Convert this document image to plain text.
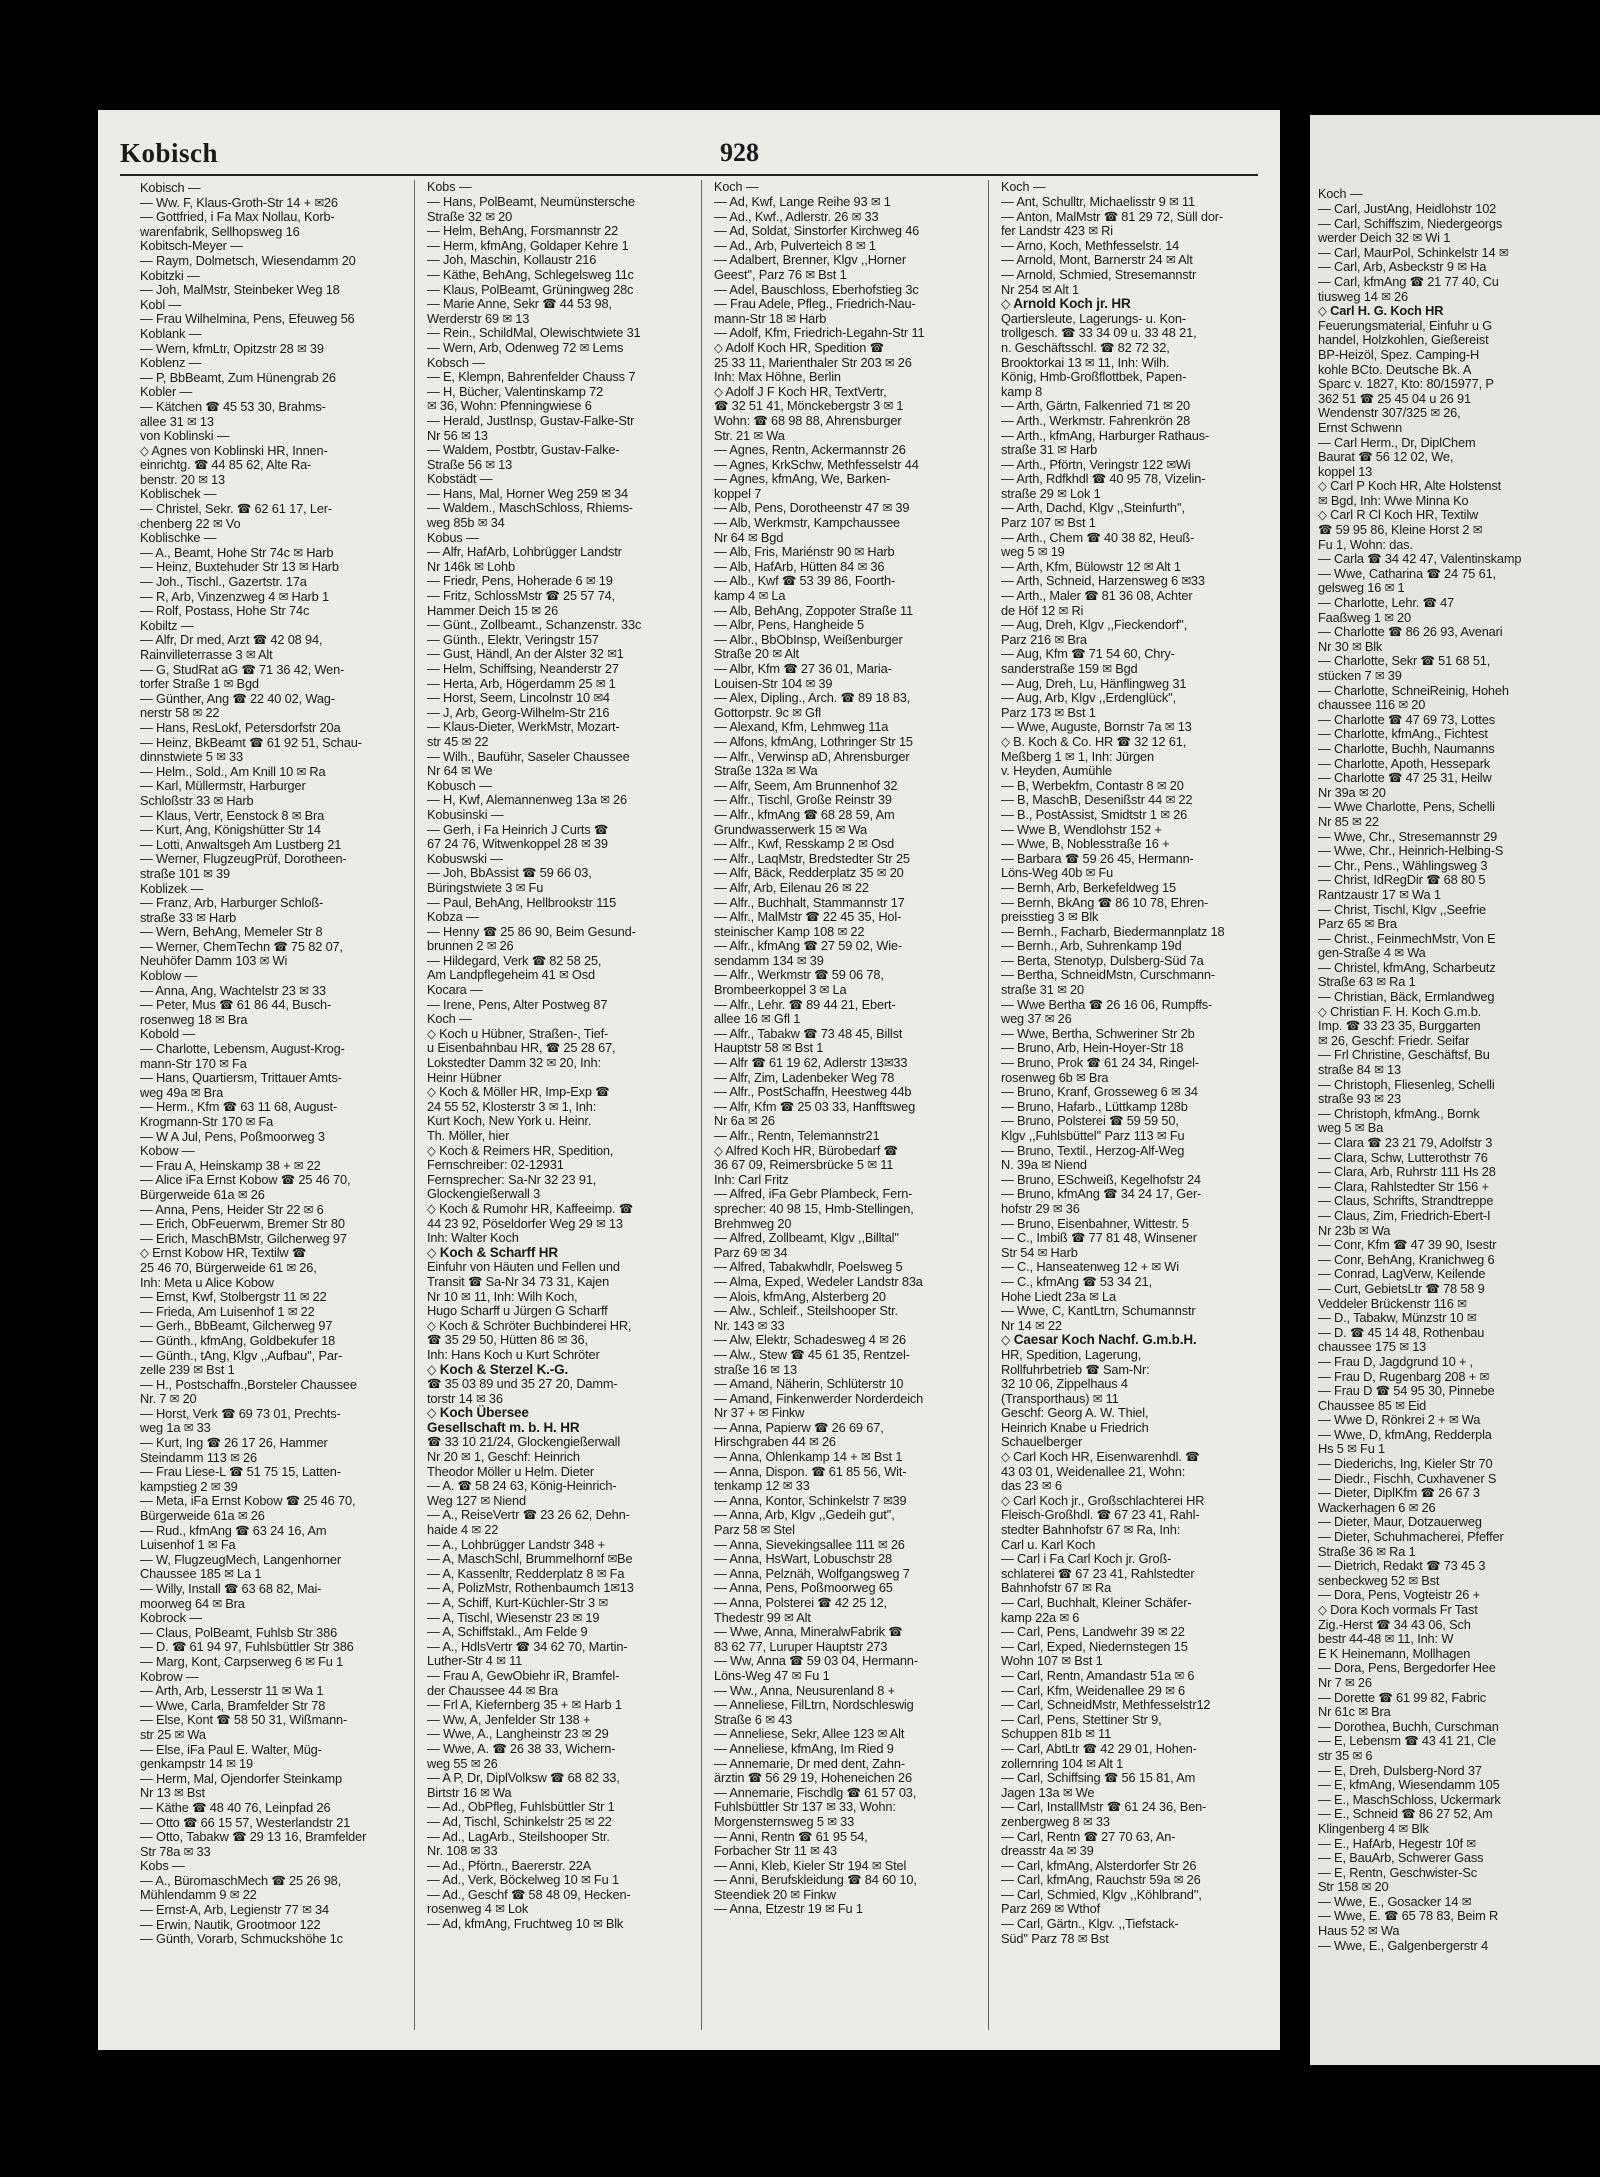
Kobisch	928

Kobisch —

— Ww. F, Klaus-Groth-Str 14 + ✉26

— Gottfried, i Fa Max Nollau, Korb-

warenfabrik, Sellhopsweg 16

Kobitsch-Meyer —

— Raym, Dolmetsch, Wiesendamm 20

Kobitzki —

— Joh, MalMstr, Steinbeker Weg 18

Kobl —

— Frau Wilhelmina, Pens, Efeuweg 56

Koblank —

— Wern, kfmLtr, Opitzstr 28 ✉ 39

Koblenz —

— P, BbBeamt, Zum Hünengrab 26

Kobler —

— Kätchen ☎ 45 53 30, Brahms-

allee 31 ✉ 13

von Koblinski —

◇ Agnes von Koblinski HR, Innen-

einrichtg. ☎ 44 85 62, Alte Ra-

benstr. 20 ✉ 13

Koblischek —

— Christel, Sekr. ☎ 62 61 17, Ler-

chenberg 22 ✉ Vo

Koblischke —

— A., Beamt, Hohe Str 74c ✉ Harb

— Heinz, Buxtehuder Str 13 ✉ Harb

— Joh., Tischl., Gazertstr. 17a

— R, Arb, Vinzenzweg 4 ✉ Harb 1

— Rolf, Postass, Hohe Str 74c

Kobiltz —

— Alfr, Dr med, Arzt ☎ 42 08 94,

Rainvilleterrasse 3 ✉ Alt

— G, StudRat aG ☎ 71 36 42, Wen-

torfer Straße 1 ✉ Bgd

— Günther, Ang ☎ 22 40 02, Wag-

nerstr 58 ✉ 22

— Hans, ResLokf, Petersdorfstr 20a

— Heinz, BkBeamt ☎ 61 92 51, Schau-

dinnstwiete 5 ✉ 33

— Helm., Sold., Am Knill 10 ✉ Ra

— Karl, Müllermstr, Harburger

Schloßstr 33 ✉ Harb

— Klaus, Vertr, Eenstock 8 ✉ Bra

— Kurt, Ang, Königshütter Str 14

— Lotti, Anwaltsgeh Am Lustberg 21

— Werner, FlugzeugPrüf, Dorotheen-

straße 101 ✉ 39

Koblizek —

— Franz, Arb, Harburger Schloß-

straße 33 ✉ Harb

— Wern, BehAng, Memeler Str 8

— Werner, ChemTechn ☎ 75 82 07,

Neuhöfer Damm 103 ✉ Wi

Koblow —

— Anna, Ang, Wachtelstr 23 ✉ 33

— Peter, Mus ☎ 61 86 44, Busch-

rosenweg 18 ✉ Bra

Kobold —

— Charlotte, Lebensm, August-Krog-

mann-Str 170 ✉ Fa

— Hans, Quartiersm, Trittauer Amts-

weg 49a ✉ Bra

— Herm., Kfm ☎ 63 11 68, August-

Krogmann-Str 170 ✉ Fa

— W A Jul, Pens, Poßmoorweg 3

Kobow —

— Frau A, Heinskamp 38 + ✉ 22

— Alice iFa Ernst Kobow ☎ 25 46 70,

Bürgerweide 61a ✉ 26

— Anna, Pens, Heider Str 22 ✉ 6

— Erich, ObFeuerwm, Bremer Str 80

— Erich, MaschBMstr, Gilcherweg 97

◇ Ernst Kobow HR, Textilw ☎

25 46 70, Bürgerweide 61 ✉ 26,

Inh: Meta u Alice Kobow

— Ernst, Kwf, Stolbergstr 11 ✉ 22

— Frieda, Am Luisenhof 1 ✉ 22

— Gerh., BbBeamt, Gilcherweg 97

— Günth., kfmAng, Goldbekufer 18

— Günth., tAng, Klgv ,,Aufbau'', Par-

zelle 239 ✉ Bst 1

— H., Postschaffn.,Borsteler Chaussee

Nr. 7 ✉ 20

— Horst, Verk ☎ 69 73 01, Prechts-

weg 1a ✉ 33

— Kurt, Ing ☎ 26 17 26, Hammer

Steindamm 113 ✉ 26

— Frau Liese-L ☎ 51 75 15, Latten-

kampstieg 2 ✉ 39

— Meta, iFa Ernst Kobow ☎ 25 46 70,

Bürgerweide 61a ✉ 26

— Rud., kfmAng ☎ 63 24 16, Am

Luisenhof 1 ✉ Fa

— W, FlugzeugMech, Langenhorner

Chaussee 185 ✉ La 1

— Willy, Install ☎ 63 68 82, Mai-

moorweg 64 ✉ Bra

Kobrock —

— Claus, PolBeamt, Fuhlsb Str 386

— D. ☎ 61 94 97, Fuhlsbüttler Str 386

— Marg, Kont, Carpserweg 6 ✉ Fu 1

Kobrow —

— Arth, Arb, Lesserstr 11 ✉ Wa 1

— Wwe, Carla, Bramfelder Str 78

— Else, Kont ☎ 58 50 31, Wißmann-

str 25 ✉ Wa

— Else, iFa Paul E. Walter, Müg-

genkampstr 14 ✉ 19

— Herm, Mal, Ojendorfer Steinkamp

Nr 13 ✉ Bst

— Käthe ☎ 48 40 76, Leinpfad 26

— Otto ☎ 66 15 57, Westerlandstr 21

— Otto, Tabakw ☎ 29 13 16, Bramfelder

Str 78a ✉ 33

Kobs —

— A., BüromaschMech ☎ 25 26 98,

Mühlendamm 9 ✉ 22

— Ernst-A, Arb, Legienstr 77 ✉ 34

— Erwin, Nautik, Grootmoor 122

— Günth, Vorarb, Schmuckshöhe 1c

Kobs —

— Hans, PolBeamt, Neumünstersche

Straße 32 ✉ 20

— Helm, BehAng, Forsmannstr 22

— Herm, kfmAng, Goldaper Kehre 1

— Joh, Maschin, Kollaustr 216

— Käthe, BehAng, Schlegelsweg 11c

— Klaus, PolBeamt, Grüningweg 28c

— Marie Anne, Sekr ☎ 44 53 98,

Werderstr 69 ✉ 13

— Rein., SchildMal, Olewischtwiete 31

— Wern, Arb, Odenweg 72 ✉ Lems

Kobsch —

— E, Klempn, Bahrenfelder Chauss 7

— H, Bücher, Valentinskamp 72

✉ 36, Wohn: Pfenningwiese 6

— Herald, JustInsp, Gustav-Falke-Str

Nr 56 ✉ 13

— Waldem, Postbtr, Gustav-Falke-

Straße 56 ✉ 13

Kobstädt —

— Hans, Mal, Horner Weg 259 ✉ 34

— Waldem., MaschSchloss, Rhiems-

weg 85b ✉ 34

Kobus —

— Alfr, HafArb, Lohbrügger Landstr

Nr 146k ✉ Lohb

— Friedr, Pens, Hoherade 6 ✉ 19

— Fritz, SchlossMstr ☎ 25 57 74,

Hammer Deich 15 ✉ 26

— Günt., Zollbeamt., Schanzenstr. 33c

— Günth., Elektr, Veringstr 157

— Gust, Händl, An der Alster 32 ✉1

— Helm, Schiffsing, Neanderstr 27

— Herta, Arb, Högerdamm 25 ✉ 1

— Horst, Seem, Lincolnstr 10 ✉4

— J, Arb, Georg-Wilhelm-Str 216

— Klaus-Dieter, WerkMstr, Mozart-

str 45 ✉ 22

— Wilh., Bauführ, Saseler Chaussee

Nr 64 ✉ We

Kobusch —

— H, Kwf, Alemannenweg 13a ✉ 26

Kobusinski —

— Gerh, i Fa Heinrich J Curts ☎

67 24 76, Witwenkoppel 28 ✉ 39

Kobuswski —

— Joh, BbAssist ☎ 59 66 03,

Büringstwiete 3 ✉ Fu

— Paul, BehAng, Hellbrookstr 115

Kobza —

— Henny ☎ 25 86 90, Beim Gesund-

brunnen 2 ✉ 26

— Hildegard, Verk ☎ 82 58 25,

Am Landpflegeheim 41 ✉ Osd

Kocara —

— Irene, Pens, Alter Postweg 87

Koch —

◇ Koch u Hübner, Straßen-, Tief-

u Eisenbahnbau HR, ☎ 25 28 67,

Lokstedter Damm 32 ✉ 20, Inh:

Heinr Hübner

◇ Koch & Möller HR, Imp-Exp ☎

24 55 52, Klosterstr 3 ✉ 1, Inh:

Kurt Koch, New York u. Heinr.

Th. Möller, hier

◇ Koch & Reimers HR, Spedition,

Fernschreiber: 02-12931

Fernsprecher: Sa-Nr 32 23 91,

Glockengießerwall 3

◇ Koch & Rumohr HR, Kaffeeimp. ☎

44 23 92, Pöseldorfer Weg 29 ✉ 13

Inh: Walter Koch

◇ Koch & Scharff HR

Einfuhr von Häuten und Fellen und

Transit ☎ Sa-Nr 34 73 31, Kajen

Nr 10 ✉ 11, Inh: Wilh Koch,

Hugo Scharff u Jürgen G Scharff

◇ Koch & Schröter Buchbinderei HR,

☎ 35 29 50, Hütten 86 ✉ 36,

Inh: Hans Koch u Kurt Schröter

◇ Koch & Sterzel K.-G.

☎ 35 03 89 und 35 27 20, Damm-

torstr 14 ✉ 36

◇ Koch Übersee

Gesellschaft m. b. H. HR

☎ 33 10 21/24, Glockengießerwall

Nr 20 ✉ 1, Geschf: Heinrich

Theodor Möller u Helm. Dieter

— A. ☎ 58 24 63, König-Heinrich-

Weg 127 ✉ Niend

— A., ReiseVertr ☎ 23 26 62, Dehn-

haide 4 ✉ 22

— A., Lohbrügger Landstr 348 +

— A, MaschSchl, Brummelhornf ✉Be

— A, Kassenltr, Redderplatz 8 ✉ Fa

— A, PolizMstr, Rothenbaumch 1✉13

— A, Schiff, Kurt-Küchler-Str 3 ✉

— A, Tischl, Wiesenstr 23 ✉ 19

— A, Schiffstakl., Am Felde 9

— A., HdlsVertr ☎ 34 62 70, Martin-

Luther-Str 4 ✉ 11

— Frau A, GewObiehr iR, Bramfel-

der Chaussee 44 ✉ Bra

— Frl A, Kiefernberg 35 + ✉ Harb 1

— Ww, A, Jenfelder Str 138 +

— Wwe, A., Langheinstr 23 ✉ 29

— Wwe, A. ☎ 26 38 33, Wichern-

weg 55 ✉ 26

— A P, Dr, DiplVolksw ☎ 68 82 33,

Birtstr 16 ✉ Wa

— Ad., ObPfleg, Fuhlsbüttler Str 1

— Ad, Tischl, Schinkelstr 25 ✉ 22

— Ad., LagArb., Steilshooper Str.

Nr. 108 ✉ 33

— Ad., Pförtn., Baererstr. 22A

— Ad., Verk, Böckelweg 10 ✉ Fu 1

— Ad., Geschf ☎ 58 48 09, Hecken-

rosenweg 4 ✉ Lok

— Ad, kfmAng, Fruchtweg 10 ✉ Blk

Koch —

— Ad, Kwf, Lange Reihe 93 ✉ 1

— Ad., Kwf., Adlerstr. 26 ✉ 33

— Ad, Soldat, Sinstorfer Kirchweg 46

— Ad., Arb, Pulverteich 8 ✉ 1

— Adalbert, Brenner, Klgv ,,Horner

Geest'', Parz 76 ✉ Bst 1

— Adel, Bauschloss, Eberhofstieg 3c

— Frau Adele, Pfleg., Friedrich-Nau-

mann-Str 18 ✉ Harb

— Adolf, Kfm, Friedrich-Legahn-Str 11

◇ Adolf Koch HR, Spedition ☎

25 33 11, Marienthaler Str 203 ✉ 26

Inh: Max Höhne, Berlin

◇ Adolf J F Koch HR, TextVertr,

☎ 32 51 41, Mönckebergstr 3 ✉ 1

Wohn: ☎ 68 98 88, Ahrensburger

Str. 21 ✉ Wa

— Agnes, Rentn, Ackermannstr 26

— Agnes, KrkSchw, Methfesselstr 44

— Agnes, kfmAng, We, Barken-

koppel 7

— Alb, Pens, Dorotheenstr 47 ✉ 39

— Alb, Werkmstr, Kampchaussee

Nr 64 ✉ Bgd

— Alb, Fris, Mariénstr 90 ✉ Harb

— Alb, HafArb, Hütten 84 ✉ 36

— Alb., Kwf ☎ 53 39 86, Foorth-

kamp 4 ✉ La

— Alb, BehAng, Zoppoter Straße 11

— Albr, Pens, Hangheide 5

— Albr., BbObInsp, Weißenburger

Straße 20 ✉ Alt

— Albr, Kfm ☎ 27 36 01, Maria-

Louisen-Str 104 ✉ 39

— Alex, Dipling., Arch. ☎ 89 18 83,

Gottorpstr. 9c ✉ Gfl

— Alexand, Kfm, Lehmweg 11a

— Alfons, kfmAng, Lothringer Str 15

— Alfr., Verwinsp aD, Ahrensburger

Straße 132a ✉ Wa

— Alfr, Seem, Am Brunnenhof 32

— Alfr., Tischl, Große Reinstr 39

— Alfr., kfmAng ☎ 68 28 59, Am

Grundwasserwerk 15 ✉ Wa

— Alfr., Kwf, Resskamp 2 ✉ Osd

— Alfr., LaqMstr, Bredstedter Str 25

— Alfr, Bäck, Redderplatz 35 ✉ 20

— Alfr, Arb, Eilenau 26 ✉ 22

— Alfr., Buchhalt, Stammannstr 17

— Alfr., MalMstr ☎ 22 45 35, Hol-

steinischer Kamp 108 ✉ 22

— Alfr., kfmAng ☎ 27 59 02, Wie-

sendamm 134 ✉ 39

— Alfr., Werkmstr ☎ 59 06 78,

Brombeerkoppel 3 ✉ La

— Alfr., Lehr. ☎ 89 44 21, Ebert-

allee 16 ✉ Gfl 1

— Alfr., Tabakw ☎ 73 48 45, Billst

Hauptstr 58 ✉ Bst 1

— Alfr ☎ 61 19 62, Adlerstr 13✉33

— Alfr, Zim, Ladenbeker Weg 78

— Alfr., PostSchaffn, Heestweg 44b

— Alfr, Kfm ☎ 25 03 33, Hanfftsweg

Nr 6a ✉ 26

— Alfr., Rentn, Telemannstr21

◇ Alfred Koch HR, Bürobedarf ☎

36 67 09, Reimersbrücke 5 ✉ 11

Inh: Carl Fritz

— Alfred, iFa Gebr Plambeck, Fern-

sprecher: 40 98 15, Hmb-Stellingen,

Brehmweg 20

— Alfred, Zollbeamt, Klgv ,,Billtal''

Parz 69 ✉ 34

— Alfred, Tabakwhdlr, Poelsweg 5

— Alma, Exped, Wedeler Landstr 83a

— Alois, kfmAng, Alsterberg 20

— Alw., Schleif., Steilshooper Str.

Nr. 143 ✉ 33

— Alw, Elektr, Schadesweg 4 ✉ 26

— Alw., Stew ☎ 45 61 35, Rentzel-

straße 16 ✉ 13

— Amand, Näherin, Schlüterstr 10

— Amand, Finkenwerder Norderdeich

Nr 37 + ✉ Finkw

— Anna, Papierw ☎ 26 69 67,

Hirschgraben 44 ✉ 26

— Anna, Ohlenkamp 14 + ✉ Bst 1

— Anna, Dispon. ☎ 61 85 56, Wit-

tenkamp 12 ✉ 33

— Anna, Kontor, Schinkelstr 7 ✉39

— Anna, Arb, Klgv ,,Gedeih gut'',

Parz 58 ✉ Stel

— Anna, Sievekingsallee 111 ✉ 26

— Anna, HsWart, Lobuschstr 28

— Anna, Pelznäh, Wolfgangsweg 7

— Anna, Pens, Poßmoorweg 65

— Anna, Polsterei ☎ 42 25 12,

Thedestr 99 ✉ Alt

— Wwe, Anna, MineralwFabrik ☎

83 62 77, Luruper Hauptstr 273

— Ww, Anna ☎ 59 03 04, Hermann-

Löns-Weg 47 ✉ Fu 1

— Ww., Anna, Neusurenland 8 +

— Anneliese, FilLtrn, Nordschleswig

Straße 6 ✉ 43

— Anneliese, Sekr, Allee 123 ✉ Alt

— Anneliese, kfmAng, Im Ried 9

— Annemarie, Dr med dent, Zahn-

ärztin ☎ 56 29 19, Hoheneichen 26

— Annemarie, Fischdlg ☎ 61 57 03,

Fuhlsbüttler Str 137 ✉ 33, Wohn:

Morgensternsweg 5 ✉ 33

— Anni, Rentn ☎ 61 95 54,

Forbacher Str 11 ✉ 43

— Anni, Kleb, Kieler Str 194 ✉ Stel

— Anni, Berufskleidung ☎ 84 60 10,

Steendiek 20 ✉ Finkw

— Anna, Etzestr 19 ✉ Fu 1

Koch —

— Ant, Schulltr, Michaelisstr 9 ✉ 11

— Anton, MalMstr ☎ 81 29 72, Süll dor-

fer Landstr 423 ✉ Ri

— Arno, Koch, Methfesselstr. 14

— Arnold, Mont, Barnerstr 24 ✉ Alt

— Arnold, Schmied, Stresemannstr

Nr 254 ✉ Alt 1

◇ Arnold Koch jr. HR

Qartiersleute, Lagerungs- u. Kon-

trollgesch. ☎ 33 34 09 u. 33 48 21,

n. Geschäftsschl. ☎ 82 72 32,

Brooktorkai 13 ✉ 11, Inh: Wilh.

König, Hmb-Großflottbek, Papen-

kamp 8

— Arth, Gärtn, Falkenried 71 ✉ 20

— Arth., Werkmstr. Fahrenkrön 28

— Arth., kfmAng, Harburger Rathaus-

straße 31 ✉ Harb

— Arth., Pförtn, Veringstr 122 ✉Wi

— Arth, Rdfkhdl ☎ 40 95 78, Vizelin-

straße 29 ✉ Lok 1

— Arth, Dachd, Klgv ,,Steinfurth'',

Parz 107 ✉ Bst 1

— Arth., Chem ☎ 40 38 82, Heuß-

weg 5 ✉ 19

— Arth, Kfm, Bülowstr 12 ✉ Alt 1

— Arth, Schneid, Harzensweg 6 ✉33

— Arth., Maler ☎ 81 36 08, Achter

de Höf 12 ✉ Ri

— Aug, Dreh, Klgv ,,Fieckendorf'',

Parz 216 ✉ Bra

— Aug, Kfm ☎ 71 54 60, Chry-

sanderstraße 159 ✉ Bgd

— Aug, Dreh, Lu, Hänflingweg 31

— Aug, Arb, Klgv ,,Erdenglück'',

Parz 173 ✉ Bst 1

— Wwe, Auguste, Bornstr 7a ✉ 13

◇ B. Koch & Co. HR ☎ 32 12 61,

Meßberg 1 ✉ 1, Inh: Jürgen

v. Heyden, Aumühle

— B, Werbekfm, Contastr 8 ✉ 20

— B, MaschB, Desenißstr 44 ✉ 22

— B., PostAssist, Smidtstr 1 ✉ 26

— Wwe B, Wendlohstr 152 +

— Wwe, B, Noblesstraße 16 +

— Barbara ☎ 59 26 45, Hermann-

Löns-Weg 40b ✉ Fu

— Bernh, Arb, Berkefeldweg 15

— Bernh, BkAng ☎ 86 10 78, Ehren-

preisstieg 3 ✉ Blk

— Bernh., Facharb, Biedermannplatz 18

— Bernh., Arb, Suhrenkamp 19d

— Berta, Stenotyp, Dulsberg-Süd 7a

— Bertha, SchneidMstn, Curschmann-

straße 31 ✉ 20

— Wwe Bertha ☎ 26 16 06, Rumpffs-

weg 37 ✉ 26

— Wwe, Bertha, Schweriner Str 2b

— Bruno, Arb, Hein-Hoyer-Str 18

— Bruno, Prok ☎ 61 24 34, Ringel-

rosenweg 6b ✉ Bra

— Bruno, Kranf, Grosseweg 6 ✉ 34

— Bruno, Hafarb., Lüttkamp 128b

— Bruno, Polsterei ☎ 59 59 50,

Klgv ,,Fuhlsbüttel'' Parz 113 ✉ Fu

— Bruno, Textil., Herzog-Alf-Weg

N. 39a ✉ Niend

— Bruno, ESchweiß, Kegelhofstr 24

— Bruno, kfmAng ☎ 34 24 17, Ger-

hofstr 29 ✉ 36

— Bruno, Eisenbahner, Wittestr. 5

— C., Imbiß ☎ 77 81 48, Winsener

Str 54 ✉ Harb

— C., Hanseatenweg 12 + ✉ Wi

— C., kfmAng ☎ 53 34 21,

Hohe Liedt 23a ✉ La

— Wwe, C, KantLtrn, Schumannstr

Nr 14 ✉ 22

◇ Caesar Koch Nachf. G.m.b.H.

HR, Spedition, Lagerung,

Rollfuhrbetrieb ☎ Sam-Nr:

32 10 06, Zippelhaus 4

(Transporthaus) ✉ 11

Geschf: Georg A. W. Thiel,

Heinrich Knabe u Friedrich

Schauelberger

◇ Carl Koch HR, Eisenwarenhdl. ☎

43 03 01, Weidenallee 21, Wohn:

das 23 ✉ 6

◇ Carl Koch jr., Großschlachterei HR

Fleisch-Großhdl. ☎ 67 23 41, Rahl-

stedter Bahnhofstr 67 ✉ Ra, Inh:

Carl u. Karl Koch

— Carl i Fa Carl Koch jr. Groß-

schlaterei ☎ 67 23 41, Rahlstedter

Bahnhofstr 67 ✉ Ra

— Carl, Buchhalt, Kleiner Schäfer-

kamp 22a ✉ 6

— Carl, Pens, Landwehr 39 ✉ 22

— Carl, Exped, Niedernstegen 15

Wohn 107 ✉ Bst 1

— Carl, Rentn, Amandastr 51a ✉ 6

— Carl, Kfm, Weidenallee 29 ✉ 6

— Carl, SchneidMstr, Methfesselstr12

— Carl, Pens, Stettiner Str 9,

Schuppen 81b ✉ 11

— Carl, AbtLtr ☎ 42 29 01, Hohen-

zollernring 104 ✉ Alt 1

— Carl, Schiffsing ☎ 56 15 81, Am

Jagen 13a ✉ We

— Carl, InstallMstr ☎ 61 24 36, Ben-

zenbergweg 8 ✉ 33

— Carl, Rentn ☎ 27 70 63, An-

dreasstr 4a ✉ 39

— Carl, kfmAng, Alsterdorfer Str 26

— Carl, kfmAng, Rauchstr 59a ✉ 26

— Carl, Schmied, Klgv ,,Köhlbrand'',

Parz 269 ✉ Wthof

— Carl, Gärtn., Klgv. ,,Tiefstack-

Süd'' Parz 78 ✉ Bst

Koch —

— Carl, JustAng, Heidlohstr 102

— Carl, Schiffszim, Niedergeorgs

werder Deich 32 ✉ Wi 1

— Carl, MaurPol, Schinkelstr 14 ✉

— Carl, Arb, Asbeckstr 9 ✉ Ha

— Carl, kfmAng ☎ 21 77 40, Cu

tiusweg 14 ✉ 26

◇ Carl H. G. Koch HR

Feuerungsmaterial, Einfuhr u G

handel, Holzkohlen, Gießereist

BP-Heizöl, Spez. Camping-H

kohle BCto. Deutsche Bk. A

Sparc v. 1827, Kto: 80/15977, P

362 51 ☎ 25 45 04 u 26 91

Wendenstr 307/325 ✉ 26,

Ernst Schwenn

— Carl Herm., Dr, DiplChem

Baurat ☎ 56 12 02, We,

koppel 13

◇ Carl P Koch HR, Alte Holstenst

✉ Bgd, Inh: Wwe Minna Ko

◇ Carl R Cl Koch HR, Textilw

☎ 59 95 86, Kleine Horst 2 ✉

Fu 1, Wohn: das.

— Carla ☎ 34 42 47, Valentinskamp

— Wwe, Catharina ☎ 24 75 61,

gelsweg 16 ✉ 1

— Charlotte, Lehr. ☎ 47

Faaßweg 1 ✉ 20

— Charlotte ☎ 86 26 93, Avenari

Nr 30 ✉ Blk

— Charlotte, Sekr ☎ 51 68 51,

stücken 7 ✉ 39

— Charlotte, SchneiReinig, Hoheh

chaussee 116 ✉ 20

— Charlotte ☎ 47 69 73, Lottes

— Charlotte, kfmAng., Fichtest

— Charlotte, Buchh, Naumanns

— Charlotte, Apoth, Hessepark

— Charlotte ☎ 47 25 31, Heilw

Nr 39a ✉ 20

— Wwe Charlotte, Pens, Schelli

Nr 85 ✉ 22

— Wwe, Chr., Stresemannstr 29

— Wwe, Chr., Heinrich-Helbing-S

— Chr., Pens., Wählingsweg 3

— Christ, IdRegDir ☎ 68 80 5

Rantzaustr 17 ✉ Wa 1

— Christ, Tischl, Klgv ,,Seefrie

Parz 65 ✉ Bra

— Christ., FeinmechMstr, Von E

gen-Straße 4 ✉ Wa

— Christel, kfmAng, Scharbeutz

Straße 63 ✉ Ra 1

— Christian, Bäck, Ermlandweg

◇ Christian F. H. Koch G.m.b.

Imp. ☎ 33 23 35, Burggarten

✉ 26, Geschf: Friedr. Seifar

— Frl Christine, Geschäftsf, Bu

straße 84 ✉ 13

— Christoph, Fliesenleg, Schelli

straße 93 ✉ 23

— Christoph, kfmAng., Bornk

weg 5 ✉ Ba

— Clara ☎ 23 21 79, Adolfstr 3

— Clara, Schw, Lutterothstr 76

— Clara, Arb, Ruhrstr 111 Hs 28

— Clara, Rahlstedter Str 156 +

— Claus, Schrifts, Strandtreppe

— Claus, Zim, Friedrich-Ebert-I

Nr 23b ✉ Wa

— Conr, Kfm ☎ 47 39 90, Isestr

— Conr, BehAng, Kranichweg 6

— Conrad, LagVerw, Keilende

— Curt, GebietsLtr ☎ 78 58 9

Veddeler Brückenstr 116 ✉

— D., Tabakw, Münzstr 10 ✉

— D. ☎ 45 14 48, Rothenbau

chaussee 175 ✉ 13

— Frau D, Jagdgrund 10 + ,

— Frau D, Rugenbarg 208 + ✉

— Frau D ☎ 54 95 30, Pinnebe

Chaussee 85 ✉ Eid

— Wwe D, Rönkrei 2 + ✉ Wa

— Wwe, D, kfmAng, Redderpla

Hs 5 ✉ Fu 1

— Diederichs, Ing, Kieler Str 70

— Diedr., Fischh, Cuxhavener S

— Dieter, DiplKfm ☎ 26 67 3

Wackerhagen 6 ✉ 26

— Dieter, Maur, Dotzauerweg

— Dieter, Schuhmacherei, Pfeffer

Straße 36 ✉ Ra 1

— Dietrich, Redakt ☎ 73 45 3

senbeckweg 52 ✉ Bst

— Dora, Pens, Vogteistr 26 +

◇ Dora Koch vormals Fr Tast

Zig.-Herst ☎ 34 43 06, Sch

bestr 44-48 ✉ 11, Inh: W

E K Heinemann, Mollhagen

— Dora, Pens, Bergedorfer Hee

Nr 7 ✉ 26

— Dorette ☎ 61 99 82, Fabric

Nr 61c ✉ Bra

— Dorothea, Buchh, Curschman

— E, Lebensm ☎ 43 41 21, Cle

str 35 ✉ 6

— E, Dreh, Dulsberg-Nord 37

— E, kfmAng, Wiesendamm 105

— E., MaschSchloss, Uckermark

— E., Schneid ☎ 86 27 52, Am

Klingenberg 4 ✉ Blk

— E., HafArb, Hegestr 10f ✉

— E, BauArb, Schwerer Gass

— E, Rentn, Geschwister-Sc

Str 158 ✉ 20

— Wwe, E., Gosacker 14 ✉

— Wwe, E. ☎ 65 78 83, Beim R

Haus 52 ✉ Wa

— Wwe, E., Galgenbergerstr 4
